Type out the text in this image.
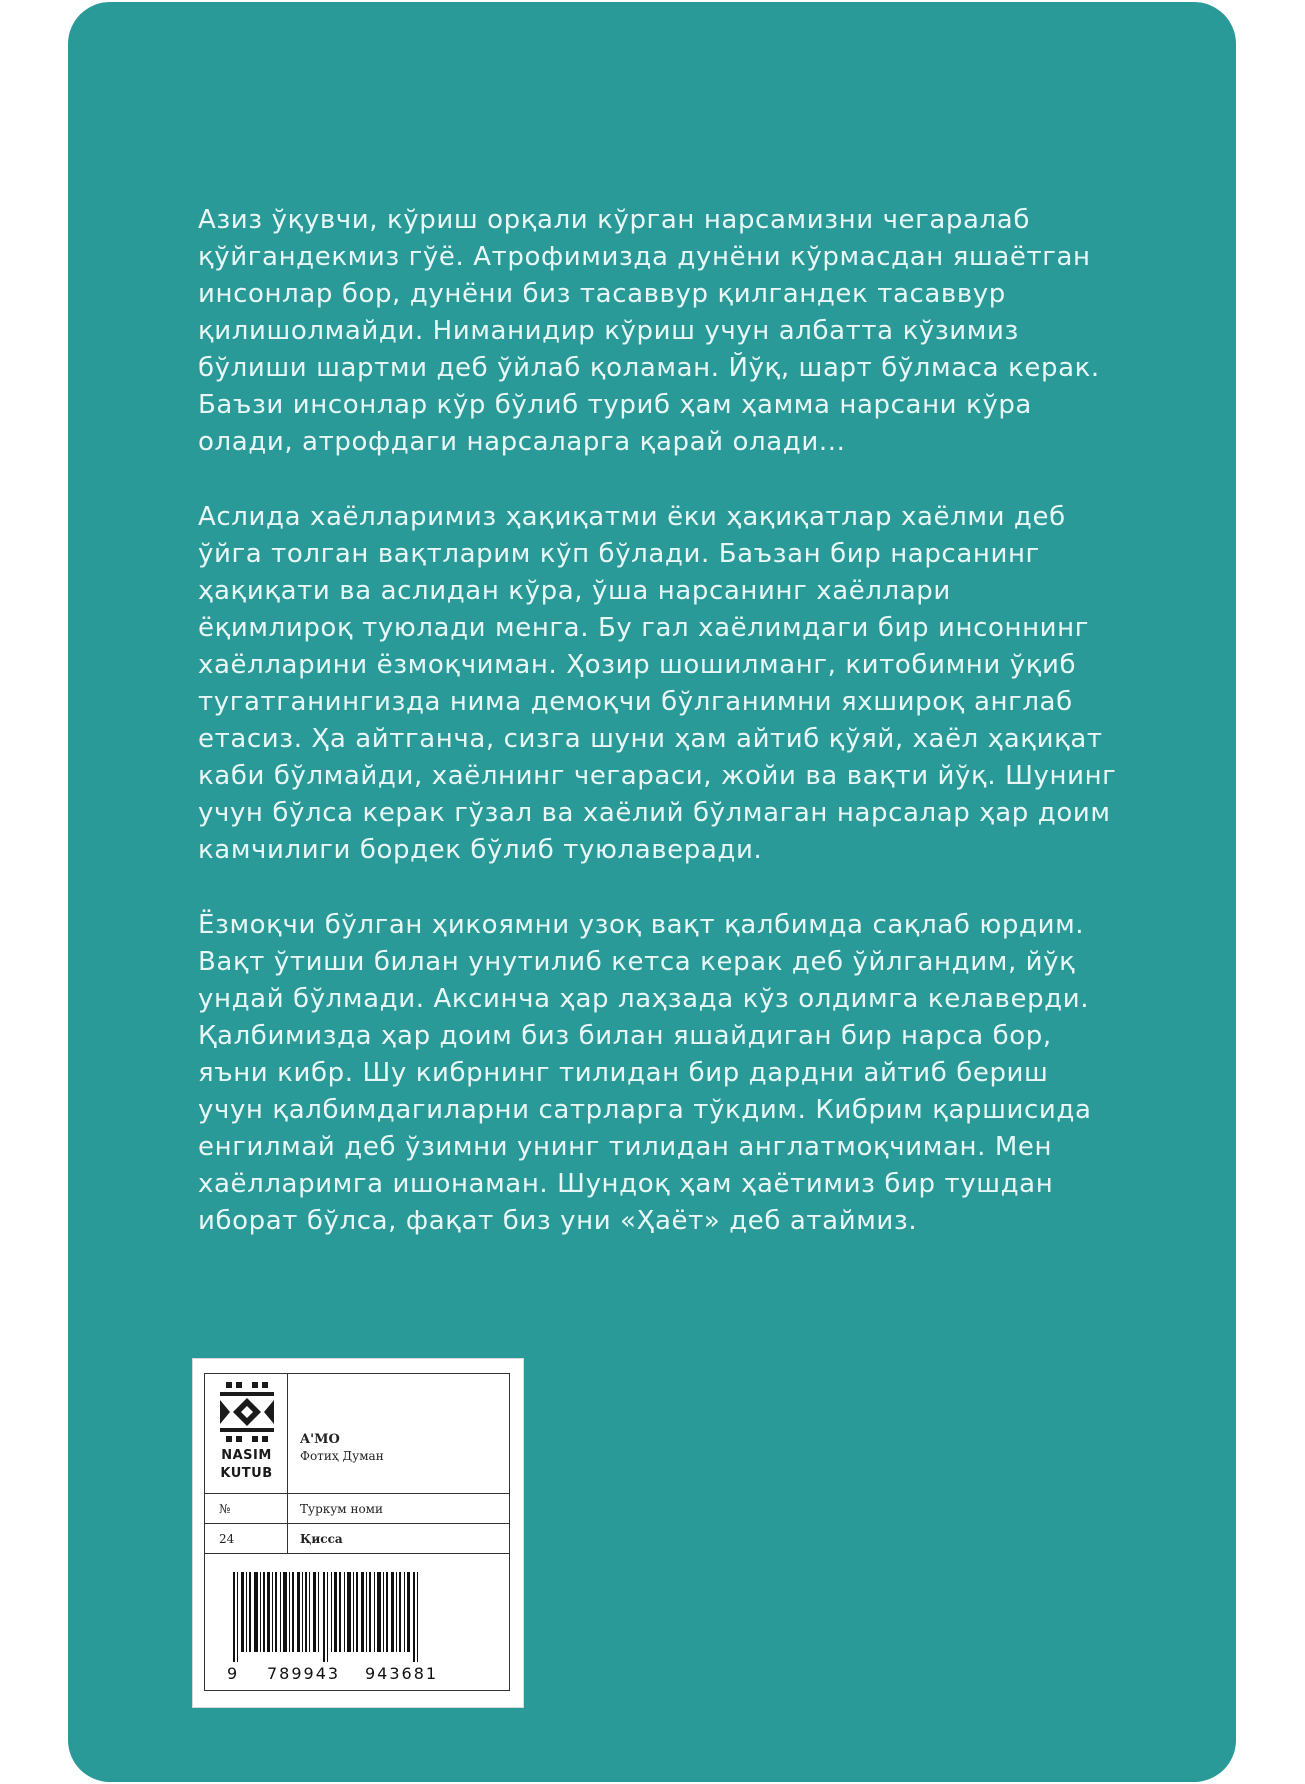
Азиз ўқувчи, кўриш орқали кўрган нарсамизни чегаралаб
қўйгандекмиз гўё. Атрофимизда дунёни кўрмасдан яшаётган
инсонлар бор, дунёни биз тасаввур қилгандек тасаввур
қилишолмайди. Ниманидир кўриш учун албатта кўзимиз
бўлиши шартми деб ўйлаб қоламан. Йўқ, шарт бўлмаса керак.
Баъзи инсонлар кўр бўлиб туриб ҳам ҳамма нарсани кўра
олади, атрофдаги нарсаларга қарай олади...

Аслида хаёлларимиз ҳақиқатми ёки ҳақиқатлар хаёлми деб
ўйга толган вақтларим кўп бўлади. Баъзан бир нарсанинг
ҳақиқати ва аслидан кўра, ўша нарсанинг хаёллари
ёқимлироқ туюлади менга. Бу гал хаёлимдаги бир инсоннинг
хаёлларини ёзмоқчиман. Ҳозир шошилманг, китобимни ўқиб
тугатганингизда нима демоқчи бўлганимни яхшироқ англаб
етасиз. Ҳа айтганча, сизга шуни ҳам айтиб қўяй, хаёл ҳақиқат
каби бўлмайди, хаёлнинг чегараси, жойи ва вақти йўқ. Шунинг
учун бўлса керак гўзал ва хаёлий бўлмаган нарсалар ҳар доим
камчилиги бордек бўлиб туюлаверади.

Ёзмоқчи бўлган ҳикоямни узоқ вақт қалбимда сақлаб юрдим.
Вақт ўтиши билан унутилиб кетса керак деб ўйлгандим, йўқ
ундай бўлмади. Аксинча ҳар лаҳзада кўз олдимга келаверди.
Қалбимизда ҳар доим биз билан яшайдиган бир нарса бор,
яъни кибр. Шу кибрнинг тилидан бир дардни айтиб бериш
учун қалбимдагиларни сатрларга тўкдим. Кибрим қаршисида
енгилмай деб ўзимни унинг тилидан англатмоқчиман. Мен
хаёлларимга ишонаман. Шундоқ ҳам ҳаётимиз бир тушдан
иборат бўлса, фақат биз уни «Ҳаёт» деб атаймиз.

NASIM
KUTUB
A'MO
Фотиҳ Думан
№	Туркум номи
24	Қисса
9 789943 943681
